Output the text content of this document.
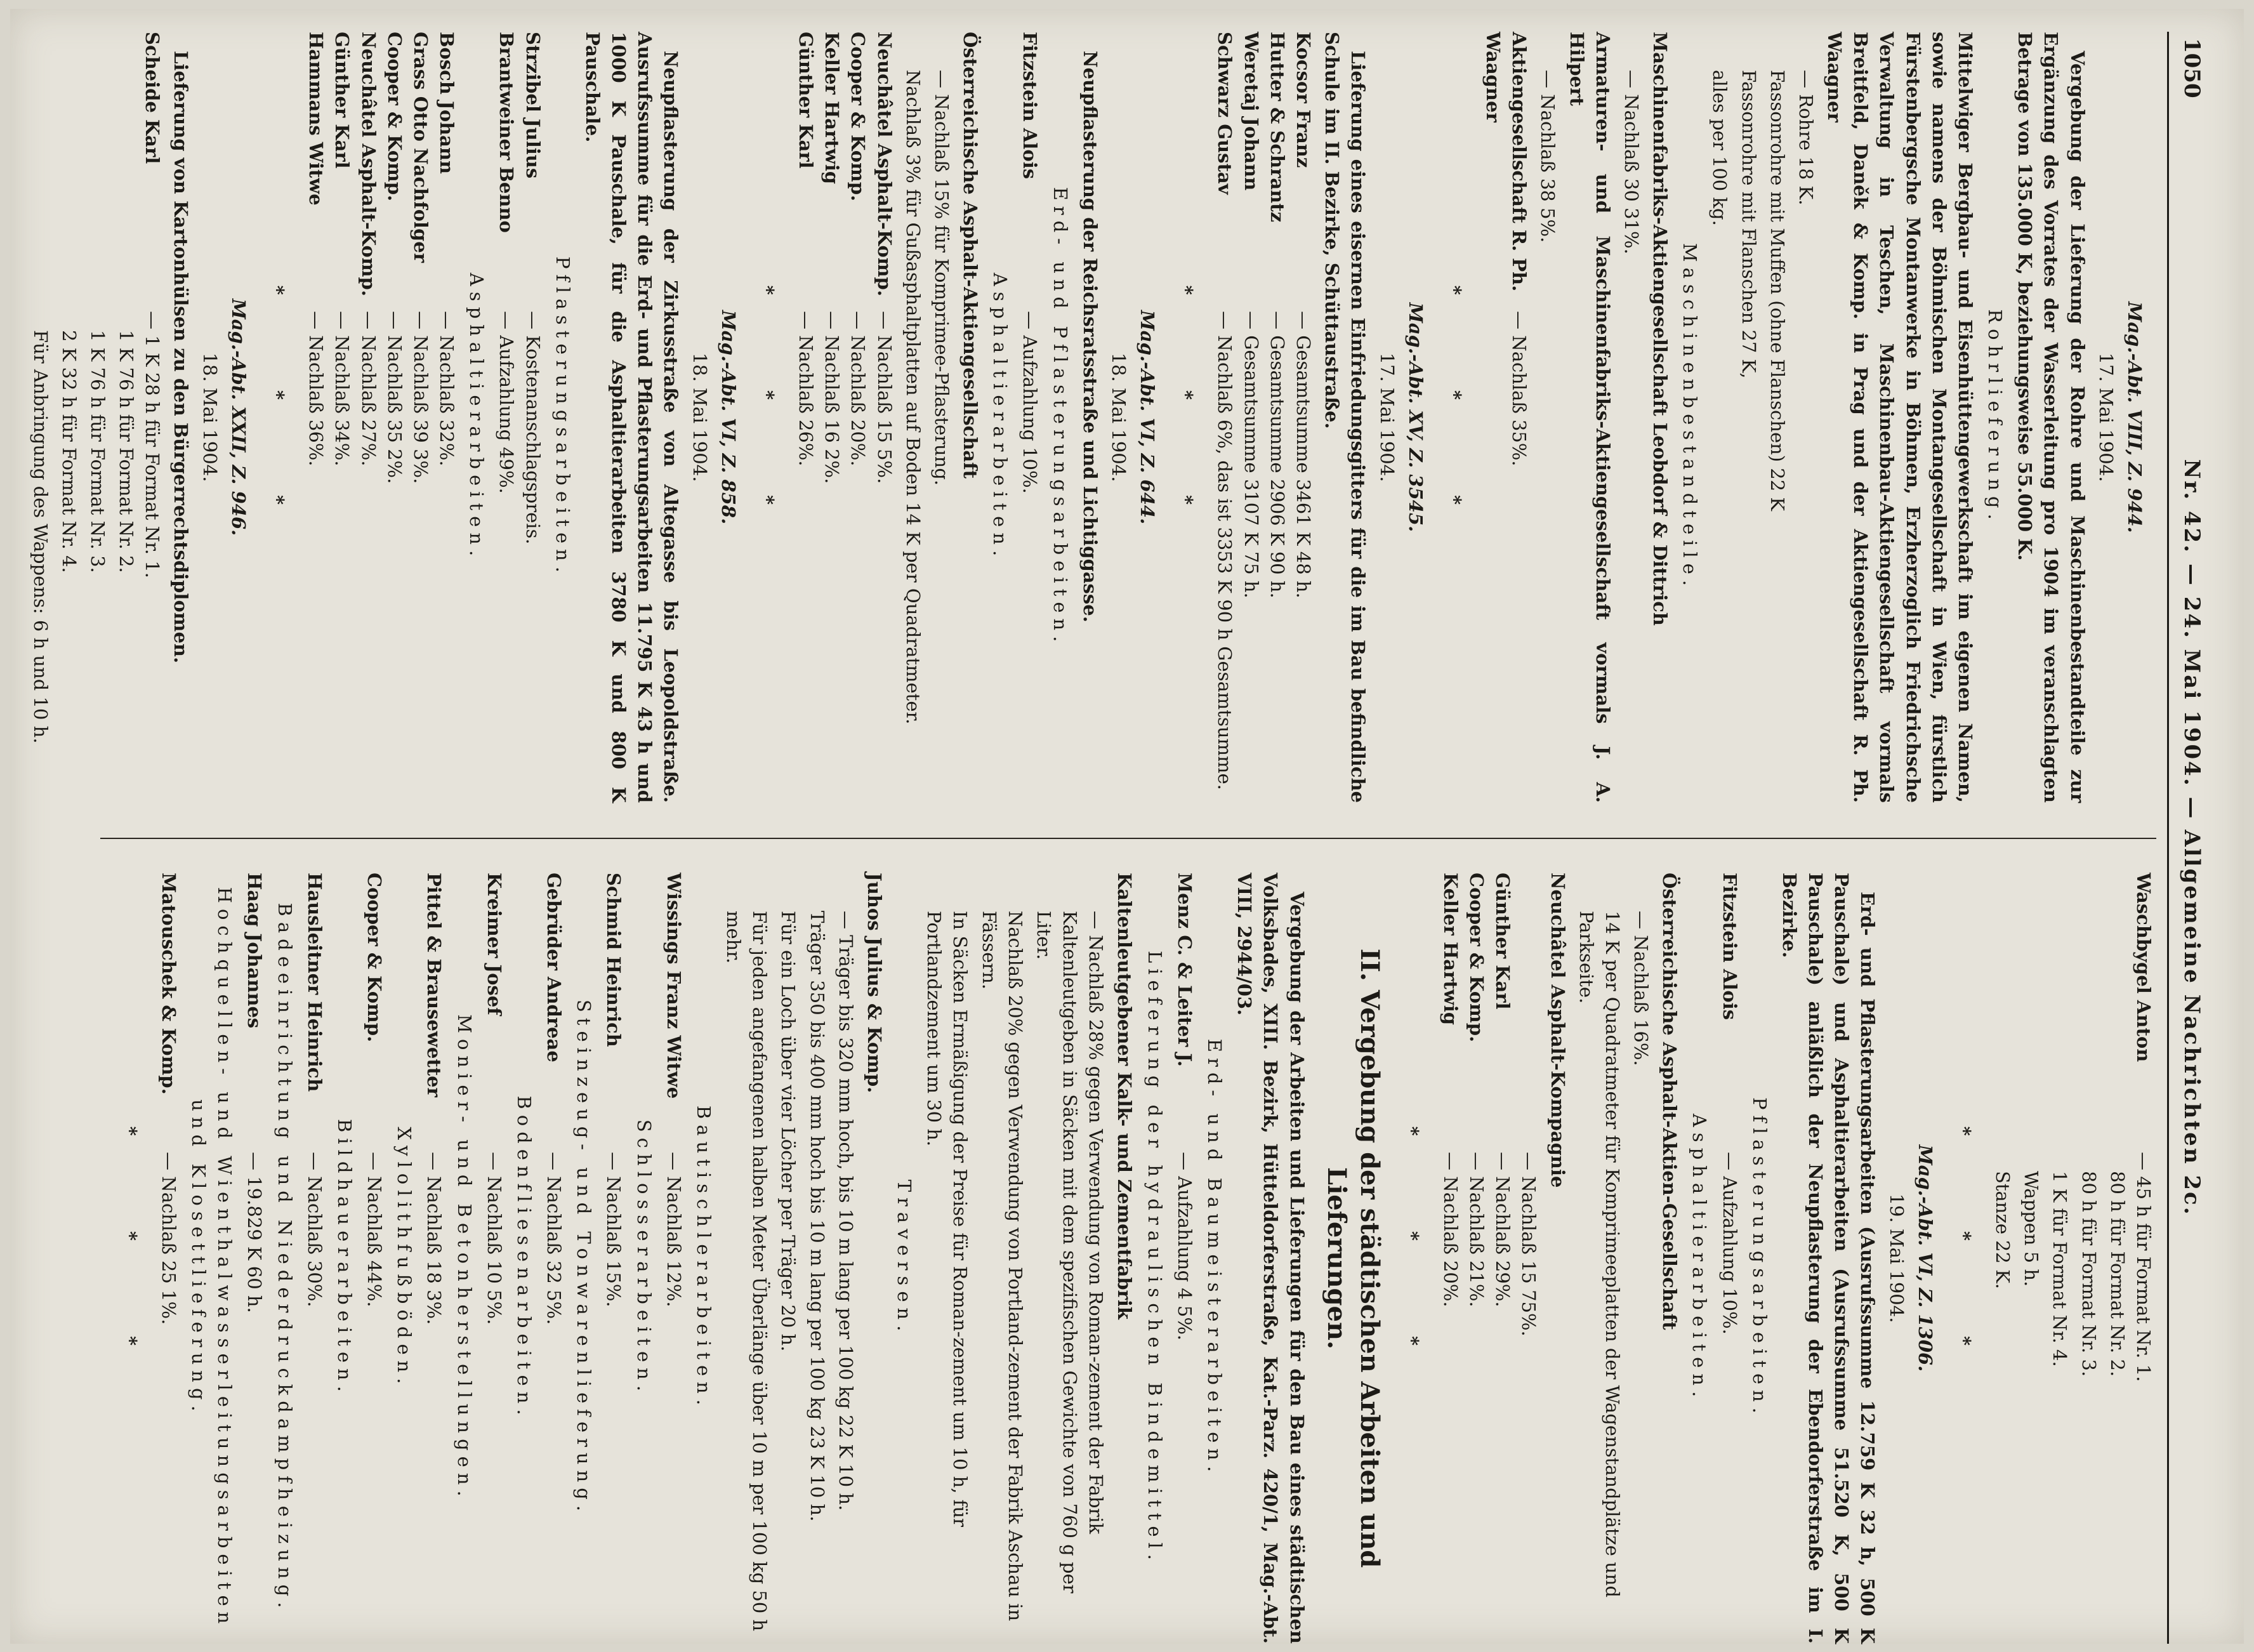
1050
Nr. 42. — 24. Mai 1904. — Allgemeine Nachrichten 2c.

Mag.-Abt. VIII, Z. 944.

17. Mai 1904.

Vergebung der Lieferung der Rohre und Maschinenbestandteile zur Ergänzung des Vorrates der Wasserleitung pro 1904 im veranschlagten Betrage von 135.000 K, beziehungsweise 55.000 K.

Rohrlieferung.

Mittelwiger Bergbau- und Eisenhüttengewerkschaft im eigenen Namen, sowie namens der Böhmischen Montangesellschaft in Wien, fürstlich Fürstenbergsche Montanwerke in Böhmen, Erzherzoglich Friedrichsche Verwaltung in Teschen, Maschinenbau-Aktiengesellschaft vormals Breitfeld, Daněk & Komp. in Prag und der Aktiengesellschaft R. Ph. Waagner

— Rohre 18 K.

Fassonrohre mit Muffen (ohne Flanschen) 22 K

Fassonrohre mit Flanschen 27 K,

alles per 100 kg.

Maschinenbestandteile.

Maschinenfabriks-Aktiengesellschaft Leobdorf & Dittrich

— Nachlaß 30 31%.

Armaturen- und Maschinenfabriks-Aktiengesellschaft vormals J. A. Hilpert

— Nachlaß 38 5%.

Aktiengesellschaft R. Ph. Waagner
— Nachlaß 35%.

* * *

Mag.-Abt. XV, Z. 3545.

17. Mai 1904.

Lieferung eines eisernen Einfriedungsgitters für die im Bau befindliche Schule im II. Bezirke, Schüttaustraße.

Kocsor Franz
— Gesamtsumme 3461 K 48 h.
Hutter & Schrantz
— Gesamtsumme 2906 K 90 h.
Weretaj Johann
— Gesamtsumme 3107 K 75 h.
Schwarz Gustav
— Nachlaß 6%, das ist 3353 K 90 h Gesamtsumme.

* * *

Mag.-Abt. VI, Z. 644.

18. Mai 1904.

Neupflasterung der Reichsratsstraße und Lichtiggasse.

Erd- und Pflasterungsarbeiten.

Fitzstein Alois
— Aufzahlung 10%.

Asphaltierarbeiten.

Österreichische Asphalt-Aktiengesellschaft

— Nachlaß 15% für Komprimee-Pflasterung.

Nachlaß 3% für Gußasphaltplatten auf Boden 14 K per Quadratmeter.

Neuchâtel Asphalt-Komp.
— Nachlaß 15 5%.
Cooper & Komp.
— Nachlaß 20%.
Keller Hartwig
— Nachlaß 16 2%.
Günther Karl
— Nachlaß 26%.

* * *

Mag.-Abt. VI, Z. 858.

18. Mai 1904.

Neupflasterung der Zirkusstraße von Altegasse bis Leopoldstraße. Ausrufssumme für die Erd- und Pflasterungsarbeiten 11.795 K 43 h und 1000 K Pauschale, für die Asphaltierarbeiten 3780 K und 800 K Pauschale.

Pflasterungsarbeiten.

Strzibel Julius
— Kostenanschlagspreis.
Brantweiner Benno
— Aufzahlung 49%.

Asphaltierarbeiten.

Bosch Johann
— Nachlaß 32%.
Grass Otto Nachfolger
— Nachlaß 39 3%.
Cooper & Komp.
— Nachlaß 35 2%.
Neuchâtel Asphalt-Komp.
— Nachlaß 27%.
Günther Karl
— Nachlaß 34%.
Hammans Witwe
— Nachlaß 36%.

* * *

Mag.-Abt. XXII, Z. 946.

18. Mai 1904.

Lieferung von Kartonhülsen zu den Bürgerrechtsdiplomen.

Scheide Karl
— 1 K 28 h für Format Nr. 1.

1 K 76 h für Format Nr. 2.

1 K 76 h für Format Nr. 3.

2 K 32 h für Format Nr. 4.

Für Anbringung des Wappens: 6 h und 10 h.

Waschbygel Anton
— 45 h für Format Nr. 1.

80 h für Format Nr. 2.

80 h für Format Nr. 3.

1 K für Format Nr. 4.

Wappen 5 h.

Stanze 22 K.

* * *

Mag.-Abt. VI, Z. 1306.

19. Mai 1904.

Erd- und Pflasterungsarbeiten (Ausrufssumme 12.759 K 32 h, 500 K Pauschale) und Asphaltierarbeiten (Ausrufssumme 51.520 K, 500 K Pauschale) anläßlich der Neupflasterung der Ebendorferstraße im I. Bezirke.

Pflasterungsarbeiten.

Fitzstein Alois
— Aufzahlung 10%.

Asphaltierarbeiten.

Österreichische Asphalt-Aktien-Gesellschaft

— Nachlaß 16%.

14 K per Quadratmeter für Komprimeeplatten der Wagenstandplätze und Parkseite.

Neuchâtel Asphalt-Kompagnie

— Nachlaß 15 75%.
Günther Karl
— Nachlaß 29%.
Cooper & Komp.
— Nachlaß 21%.
Keller Hartwig
— Nachlaß 20%.

* * *

II. Vergebung der städtischen Arbeiten und Lieferungen.

Vergebung der Arbeiten und Lieferungen für den Bau eines städtischen Volksbades, XIII. Bezirk, Hütteldorferstraße, Kat.-Parz. 420/1, Mag.-Abt. VIII, 2944/03.

Erd- und Baumeisterarbeiten.

Menz C. & Leiter J.
— Aufzahlung 4 5%.

Lieferung der hydraulischen Bindemittel.

Kaltenleutgebener Kalk- und Zementfabrik

— Nachlaß 28% gegen Verwendung von Roman-zement der Fabrik Kaltenleutgeben in Säcken mit dem spezifischen Gewichte von 760 g per Liter.

Nachlaß 20% gegen Verwendung von Portland-zement der Fabrik Aschau in Fässern.

In Säcken Ermäßigung der Preise für Roman-zement um 10 h, für Portlandzement um 30 h.

Traversen.

Juhos Julius & Komp.

— Träger bis 320 mm hoch, bis 10 m lang per 100 kg 22 K 10 h.

Träger 350 bis 400 mm hoch bis 10 m lang per 100 kg 23 K 10 h.

Für ein Loch über vier Löcher per Träger 20 h.

Für jeden angefangenen halben Meter Überlänge über 10 m per 100 kg 50 h mehr.

Bautischlerarbeiten.

Wissings Franz Witwe
— Nachlaß 12%.

Schlosserarbeiten.

Schmid Heinrich
— Nachlaß 15%.

Steinzeug- und Tonwarenlieferung.

Gebrüder Andreae
— Nachlaß 32 5%.

Bodenfliesenarbeiten.

Kreimer Josef
— Nachlaß 10 5%.

Monier- und Betonherstellungen.

Pittel & Brausewetter
— Nachlaß 18 3%.

Xylolithfußböden.

Cooper & Komp.
— Nachlaß 44%.

Bildhauerarbeiten.

Hausleitner Heinrich
— Nachlaß 30%.

Badeeinrichtung und Niederdruckdampfheizung.

Haag Johannes
— 19.829 K 60 h.

Hochquellen- und Wienthalwasserleitungsarbeiten und Klosettlieferung.

Matouschek & Komp.
— Nachlaß 25 1%.

* * *
